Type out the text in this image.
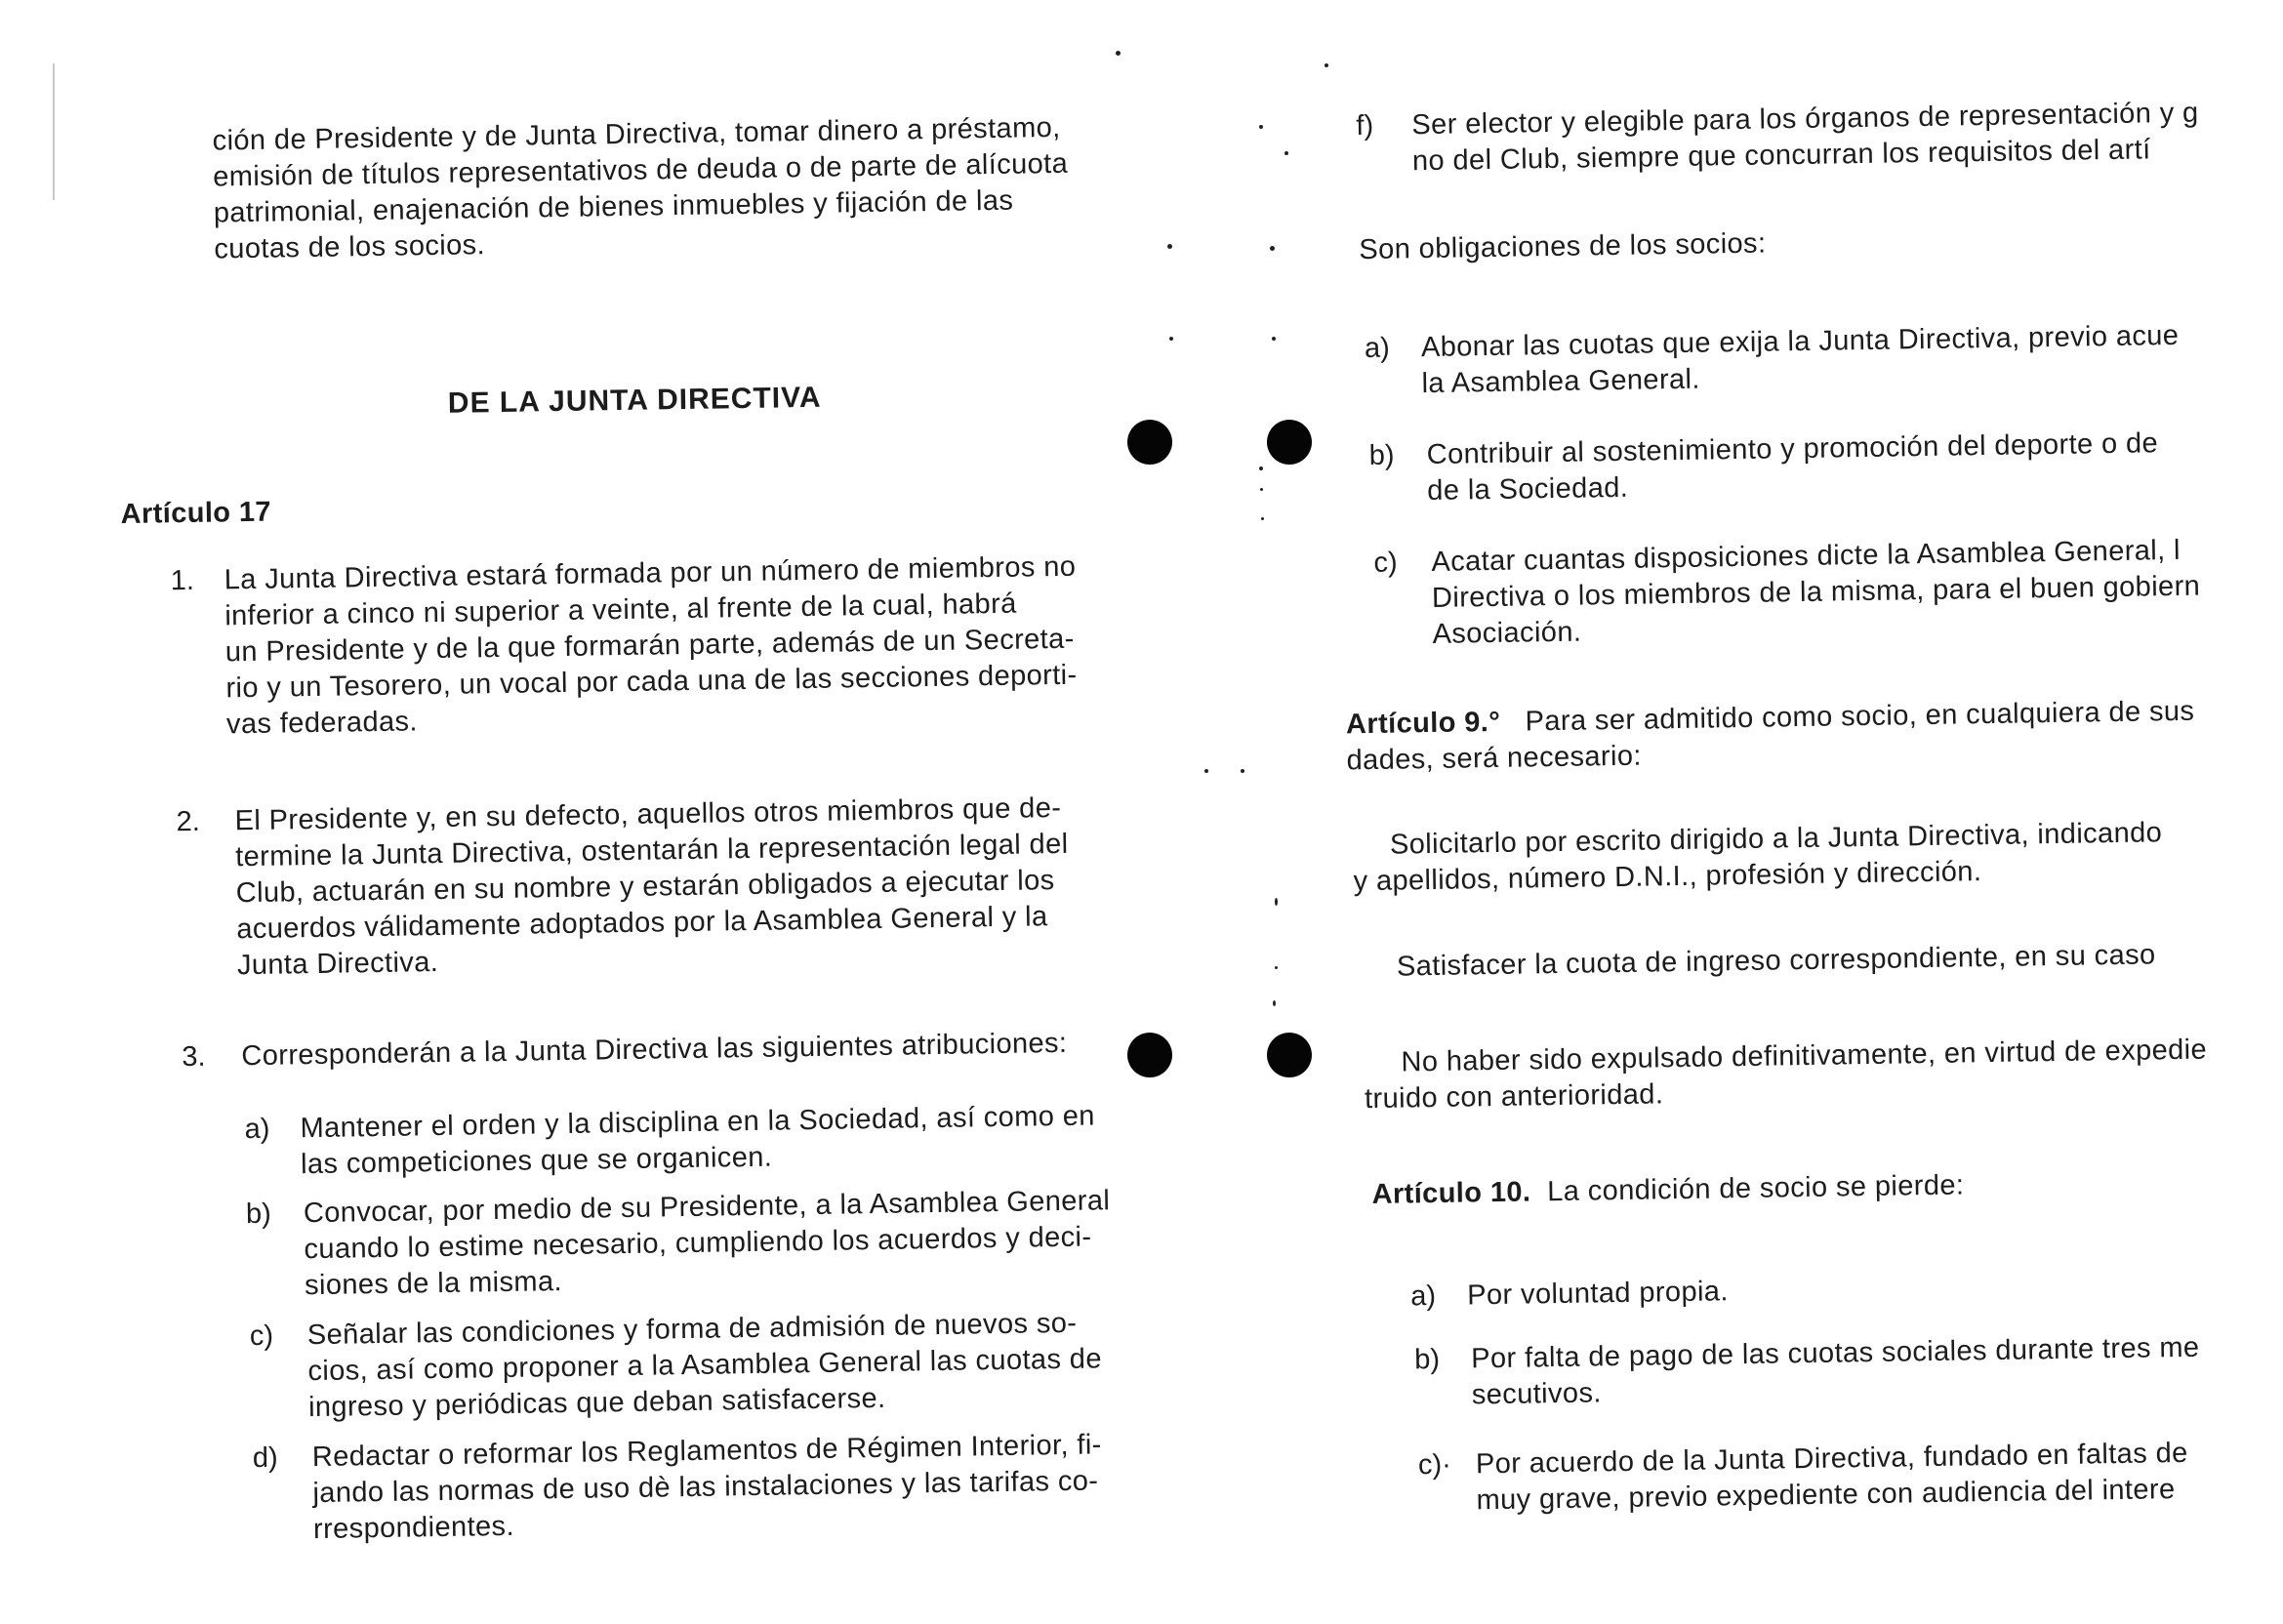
ción de Presidente y de Junta Directiva, tomar dinero a préstamo,
emisión de títulos representativos de deuda o de parte de alícuota
patrimonial, enajenación de bienes inmuebles y fijación de las
cuotas de los socios.
DE LA JUNTA DIRECTIVA
Artículo 17
1. La Junta Directiva estará formada por un número de miembros no
inferior a cinco ni superior a veinte, al frente de la cual, habrá
un Presidente y de la que formarán parte, además de un Secreta-
rio y un Tesorero, un vocal por cada una de las secciones deporti-
vas federadas.
2. El Presidente y, en su defecto, aquellos otros miembros que de-
termine la Junta Directiva, ostentarán la representación legal del
Club, actuarán en su nombre y estarán obligados a ejecutar los
acuerdos válidamente adoptados por la Asamblea General y la
Junta Directiva.
3. Corresponderán a la Junta Directiva las siguientes atribuciones:
a) Mantener el orden y la disciplina en la Sociedad, así como en
las competiciones que se organicen.
b) Convocar, por medio de su Presidente, a la Asamblea General
cuando lo estime necesario, cumpliendo los acuerdos y deci-
siones de la misma.
c) Señalar las condiciones y forma de admisión de nuevos so-
cios, así como proponer a la Asamblea General las cuotas de
ingreso y periódicas que deban satisfacerse.
d) Redactar o reformar los Reglamentos de Régimen Interior, fi-
jando las normas de uso dè las instalaciones y las tarifas co-
rrespondientes.
f) Ser elector y elegible para los órganos de representación y g
no del Club, siempre que concurran los requisitos del artí
Son obligaciones de los socios:
a) Abonar las cuotas que exija la Junta Directiva, previo acue
la Asamblea General.
b) Contribuir al sostenimiento y promoción del deporte o de
de la Sociedad.
c) Acatar cuantas disposiciones dicte la Asamblea General, l
Directiva o los miembros de la misma, para el buen gobiern
Asociación.
Artículo 9.° Para ser admitido como socio, en cualquiera de sus
dades, será necesario:
Solicitarlo por escrito dirigido a la Junta Directiva, indicando
y apellidos, número D.N.I., profesión y dirección.
Satisfacer la cuota de ingreso correspondiente, en su caso
No haber sido expulsado definitivamente, en virtud de expedie
truido con anterioridad.
Artículo 10. La condición de socio se pierde:
a) Por voluntad propia.
b) Por falta de pago de las cuotas sociales durante tres me
secutivos.
c)· Por acuerdo de la Junta Directiva, fundado en faltas de
muy grave, previo expediente con audiencia del intere
